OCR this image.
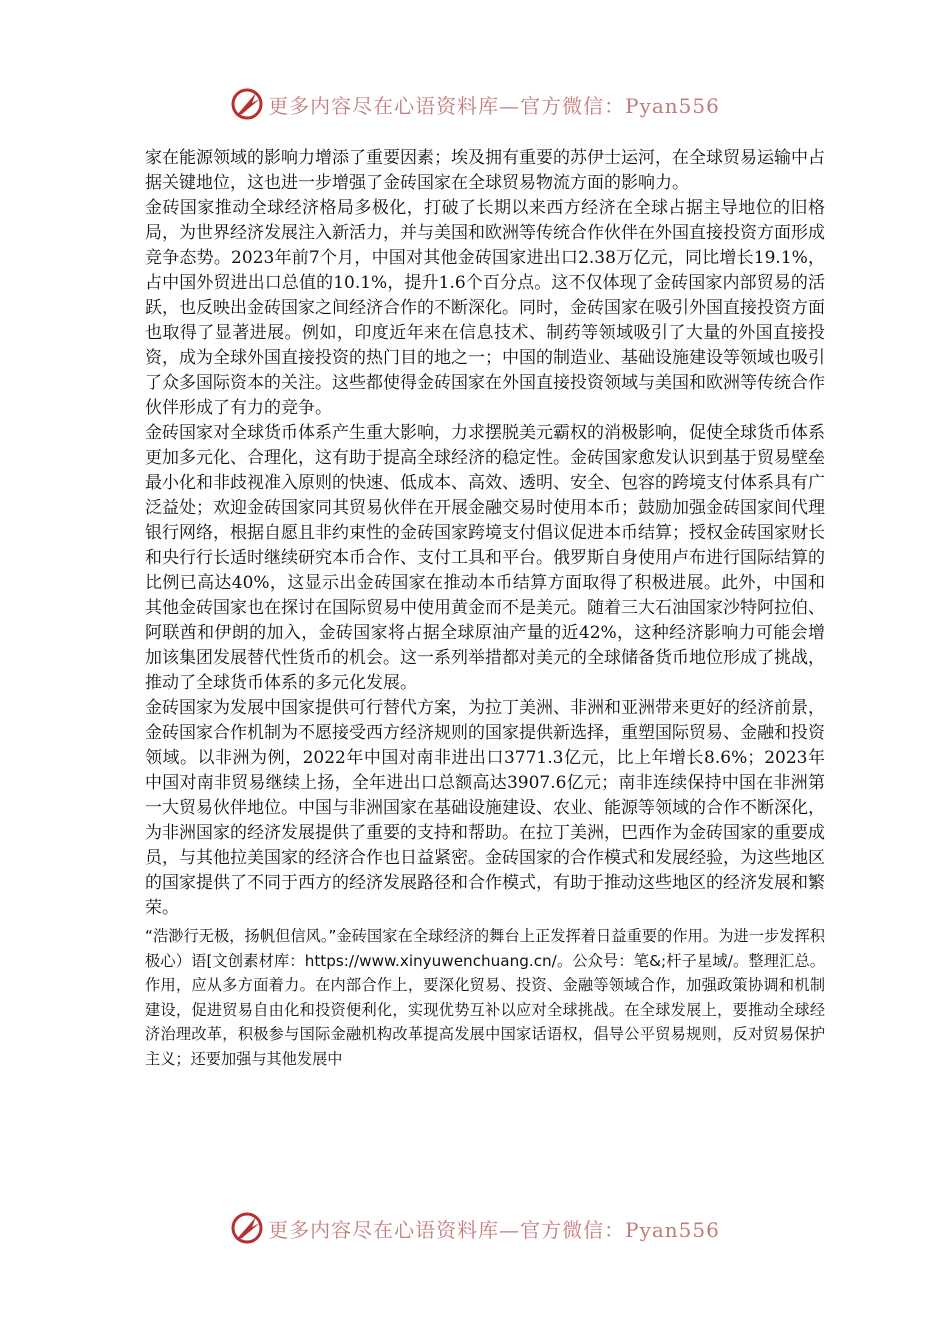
更多内容尽在心语资料库—官方微信：Pyan556

家在能源领域的影响力增添了重要因素；埃及拥有重要的苏伊士运河，在全球贸易运输中占据关键地位，这也进一步增强了金砖国家在全球贸易物流方面的影响力。

金砖国家推动全球经济格局多极化，打破了长期以来西方经济在全球占据主导地位的旧格局，为世界经济发展注入新活力，并与美国和欧洲等传统合作伙伴在外国直接投资方面形成竞争态势。2023年前7个月，中国对其他金砖国家进出口2.38万亿元，同比增长19.1%，占中国外贸进出口总值的10.1%，提升1.6个百分点。这不仅体现了金砖国家内部贸易的活跃，也反映出金砖国家之间经济合作的不断深化。同时，金砖国家在吸引外国直接投资方面也取得了显著进展。例如，印度近年来在信息技术、制药等领域吸引了大量的外国直接投资，成为全球外国直接投资的热门目的地之一；中国的制造业、基础设施建设等领域也吸引了众多国际资本的关注。这些都使得金砖国家在外国直接投资领域与美国和欧洲等传统合作伙伴形成了有力的竞争。

金砖国家对全球货币体系产生重大影响，力求摆脱美元霸权的消极影响，促使全球货币体系更加多元化、合理化，这有助于提高全球经济的稳定性。金砖国家愈发认识到基于贸易壁垒最小化和非歧视准入原则的快速、低成本、高效、透明、安全、包容的跨境支付体系具有广泛益处；欢迎金砖国家同其贸易伙伴在开展金融交易时使用本币；鼓励加强金砖国家间代理银行网络，根据自愿且非约束性的金砖国家跨境支付倡议促进本币结算；授权金砖国家财长和央行行长适时继续研究本币合作、支付工具和平台。俄罗斯自身使用卢布进行国际结算的比例已高达40%，这显示出金砖国家在推动本币结算方面取得了积极进展。此外，中国和其他金砖国家也在探讨在国际贸易中使用黄金而不是美元。随着三大石油国家沙特阿拉伯、阿联酋和伊朗的加入，金砖国家将占据全球原油产量的近42%，这种经济影响力可能会增加该集团发展替代性货币的机会。这一系列举措都对美元的全球储备货币地位形成了挑战，推动了全球货币体系的多元化发展。

金砖国家为发展中国家提供可行替代方案，为拉丁美洲、非洲和亚洲带来更好的经济前景，金砖国家合作机制为不愿接受西方经济规则的国家提供新选择，重塑国际贸易、金融和投资领域。以非洲为例，2022年中国对南非进出口3771.3亿元，比上年增长8.6%；2023年中国对南非贸易继续上扬，全年进出口总额高达3907.6亿元；南非连续保持中国在非洲第一大贸易伙伴地位。中国与非洲国家在基础设施建设、农业、能源等领域的合作不断深化，为非洲国家的经济发展提供了重要的支持和帮助。在拉丁美洲，巴西作为金砖国家的重要成员，与其他拉美国家的经济合作也日益紧密。金砖国家的合作模式和发展经验，为这些地区的国家提供了不同于西方的经济发展路径和合作模式，有助于推动这些地区的经济发展和繁荣。

“浩渺行无极，扬帆但信风。”金砖国家在全球经济的舞台上正发挥着日益重要的作用。为进一步发挥积极心）语[文创素材库：https://www.xinyuwenchuang.cn/。公众号：笔&;杆子星域/。整理汇总。作用，应从多方面着力。在内部合作上，要深化贸易、投资、金融等领域合作，加强政策协调和机制建设，促进贸易自由化和投资便利化，实现优势互补以应对全球挑战。在全球发展上，要推动全球经济治理改革，积极参与国际金融机构改革提高发展中国家话语权，倡导公平贸易规则，反对贸易保护主义；还要加强与其他发展中

更多内容尽在心语资料库—官方微信：Pyan556
